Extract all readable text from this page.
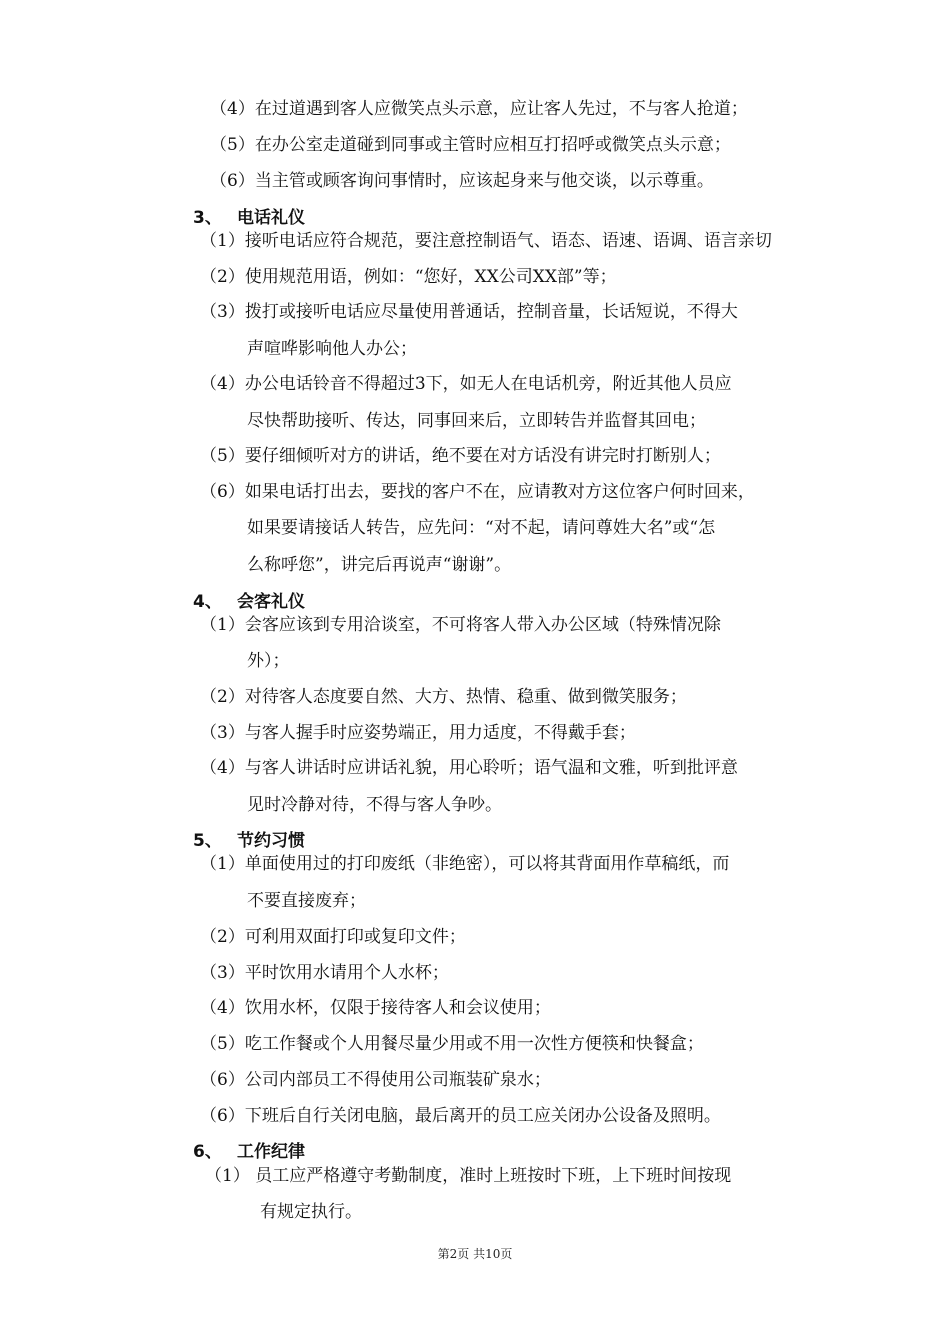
（4）在过道遇到客人应微笑点头示意，应让客人先过，不与客人抢道；
（5）在办公室走道碰到同事或主管时应相互打招呼或微笑点头示意；
（6）当主管或顾客询问事情时，应该起身来与他交谈，以示尊重。
3、 电话礼仪
（1）接听电话应符合规范，要注意控制语气、语态、语速、语调、语言亲切
（2）使用规范用语，例如：“您好，XX公司XX部”等；
（3）拨打或接听电话应尽量使用普通话，控制音量，长话短说，不得大
声喧哗影响他人办公；
（4）办公电话铃音不得超过3下，如无人在电话机旁，附近其他人员应
尽快帮助接听、传达，同事回来后，立即转告并监督其回电；
（5）要仔细倾听对方的讲话，绝不要在对方话没有讲完时打断别人；
（6）如果电话打出去，要找的客户不在，应请教对方这位客户何时回来，
如果要请接话人转告，应先问：“对不起，请问尊姓大名”或“怎
么称呼您”，讲完后再说声“谢谢”。
4、 会客礼仪
（1）会客应该到专用洽谈室，不可将客人带入办公区域（特殊情况除
外）；
（2）对待客人态度要自然、大方、热情、稳重、做到微笑服务；
（3）与客人握手时应姿势端正，用力适度，不得戴手套；
（4）与客人讲话时应讲话礼貌，用心聆听；语气温和文雅，听到批评意
见时冷静对待，不得与客人争吵。
5、 节约习惯
（1）单面使用过的打印废纸（非绝密），可以将其背面用作草稿纸，而
不要直接废弃；
（2）可利用双面打印或复印文件；
（3）平时饮用水请用个人水杯；
（4）饮用水杯，仅限于接待客人和会议使用；
（5）吃工作餐或个人用餐尽量少用或不用一次性方便筷和快餐盒；
（6）公司内部员工不得使用公司瓶装矿泉水；
（6）下班后自行关闭电脑，最后离开的员工应关闭办公设备及照明。
6、 工作纪律
（1） 员工应严格遵守考勤制度，准时上班按时下班，上下班时间按现
有规定执行。
第2页 共10页
